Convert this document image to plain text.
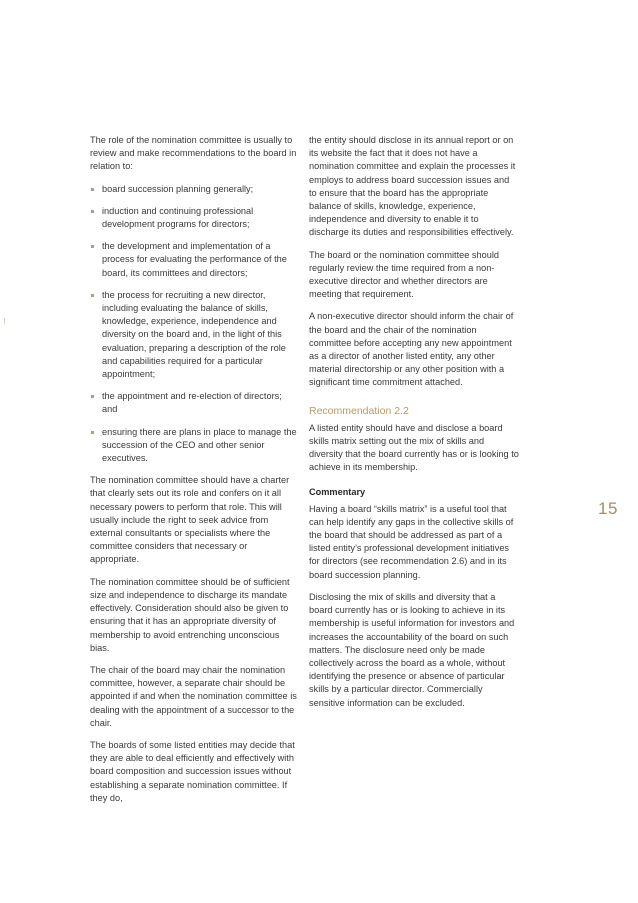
The role of the nomination committee is usually to review and make recommendations to the board in relation to:

board succession planning generally;
induction and continuing professional development programs for directors;
the development and implementation of a process for evaluating the performance of the board, its committees and directors;
the process for recruiting a new director, including evaluating the balance of skills, knowledge, experience, independence and diversity on the board and, in the light of this evaluation, preparing a description of the role and capabilities required for a particular appointment;
the appointment and re-election of directors; and
ensuring there are plans in place to manage the succession of the CEO and other senior executives.

The nomination committee should have a charter that clearly sets out its role and confers on it all necessary powers to perform that role. This will usually include the right to seek advice from external consultants or specialists where the committee considers that necessary or appropriate.

The nomination committee should be of sufficient size and independence to discharge its mandate effectively. Consideration should also be given to ensuring that it has an appropriate diversity of membership to avoid entrenching unconscious bias.

The chair of the board may chair the nomination committee, however, a separate chair should be appointed if and when the nomination committee is dealing with the appointment of a successor to the chair.

The boards of some listed entities may decide that they are able to deal efficiently and effectively with board composition and succession issues without establishing a separate nomination committee. If they do,

the entity should disclose in its annual report or on its website the fact that it does not have a nomination committee and explain the processes it employs to address board succession issues and to ensure that the board has the appropriate balance of skills, knowledge, experience, independence and diversity to enable it to discharge its duties and responsibilities effectively.

The board or the nomination committee should regularly review the time required from a non-executive director and whether directors are meeting that requirement.

A non-executive director should inform the chair of the board and the chair of the nomination committee before accepting any new appointment as a director of another listed entity, any other material directorship or any other position with a significant time commitment attached.

Recommendation 2.2

A listed entity should have and disclose a board skills matrix setting out the mix of skills and diversity that the board currently has or is looking to achieve in its membership.

Commentary

Having a board “skills matrix” is a useful tool that can help identify any gaps in the collective skills of the board that should be addressed as part of a listed entity’s professional development initiatives for directors (see recommendation 2.6) and in its board succession planning.

Disclosing the mix of skills and diversity that a board currently has or is looking to achieve in its membership is useful information for investors and increases the accountability of the board on such matters. The disclosure need only be made collectively across the board as a whole, without identifying the presence or absence of particular skills by a particular director. Commercially sensitive information can be excluded.

15
